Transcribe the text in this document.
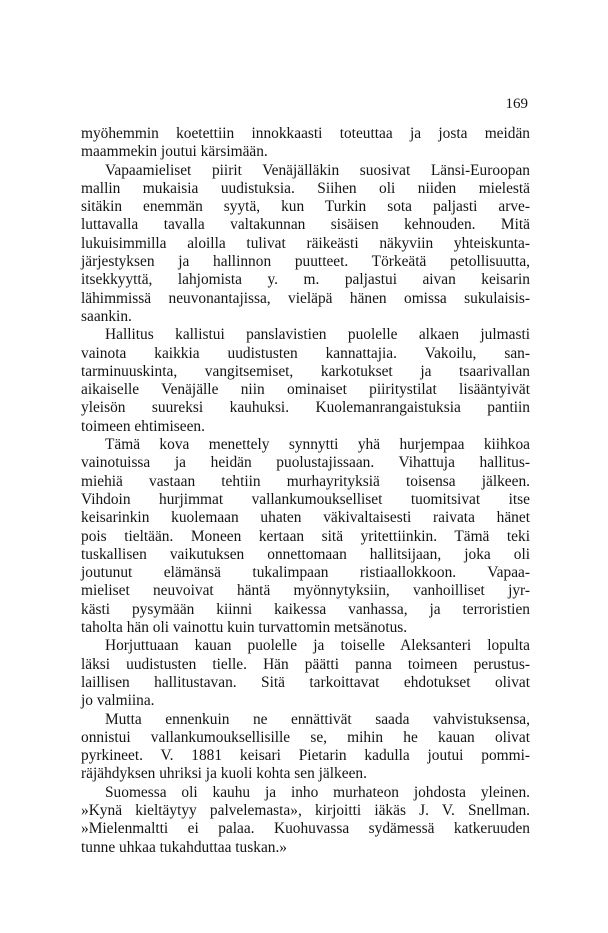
169
myöhemmin koetettiin innokkaasti toteuttaa ja josta meidän
maammekin joutui kärsimään.
Vapaamieliset piirit Venäjälläkin suosivat Länsi-Euroopan
mallin mukaisia uudistuksia. Siihen oli niiden mielestä
sitäkin enemmän syytä, kun Turkin sota paljasti arve-
luttavalla tavalla valtakunnan sisäisen kehnouden. Mitä
lukuisimmilla aloilla tulivat räikeästi näkyviin yhteiskunta-
järjestyksen ja hallinnon puutteet. Törkeätä petollisuutta,
itsekkyyttä, lahjomista y. m. paljastui aivan keisarin
lähimmissä neuvonantajissa, vieläpä hänen omissa sukulaisis-
saankin.
Hallitus kallistui panslavistien puolelle alkaen julmasti
vainota kaikkia uudistusten kannattajia. Vakoilu, san-
tarminuuskinta, vangitsemiset, karkotukset ja tsaarivallan
aikaiselle Venäjälle niin ominaiset piiritystilat lisääntyivät
yleisön suureksi kauhuksi. Kuolemanrangaistuksia pantiin
toimeen ehtimiseen.
Tämä kova menettely synnytti yhä hurjempaa kiihkoa
vainotuissa ja heidän puolustajissaan. Vihattuja hallitus-
miehiä vastaan tehtiin murhayrityksiä toisensa jälkeen.
Vihdoin hurjimmat vallankumoukselliset tuomitsivat itse
keisarinkin kuolemaan uhaten väkivaltaisesti raivata hänet
pois tieltään. Moneen kertaan sitä yritettiinkin. Tämä teki
tuskallisen vaikutuksen onnettomaan hallitsijaan, joka oli
joutunut elämänsä tukalimpaan ristiaallokkoon. Vapaa-
mieliset neuvoivat häntä myönnytyksiin, vanhoilliset jyr-
kästi pysymään kiinni kaikessa vanhassa, ja terroristien
taholta hän oli vainottu kuin turvattomin metsänotus.
Horjuttuaan kauan puolelle ja toiselle Aleksanteri lopulta
läksi uudistusten tielle. Hän päätti panna toimeen perustus-
laillisen hallitustavan. Sitä tarkoittavat ehdotukset olivat
jo valmiina.
Mutta ennenkuin ne ennättivät saada vahvistuksensa,
onnistui vallankumouksellisille se, mihin he kauan olivat
pyrkineet. V. 1881 keisari Pietarin kadulla joutui pommi-
räjähdyksen uhriksi ja kuoli kohta sen jälkeen.
Suomessa oli kauhu ja inho murhateon johdosta yleinen.
»Kynä kieltäytyy palvelemasta», kirjoitti iäkäs J. V. Snellman.
»Mielenmaltti ei palaa. Kuohuvassa sydämessä katkeruuden
tunne uhkaa tukahduttaa tuskan.»
